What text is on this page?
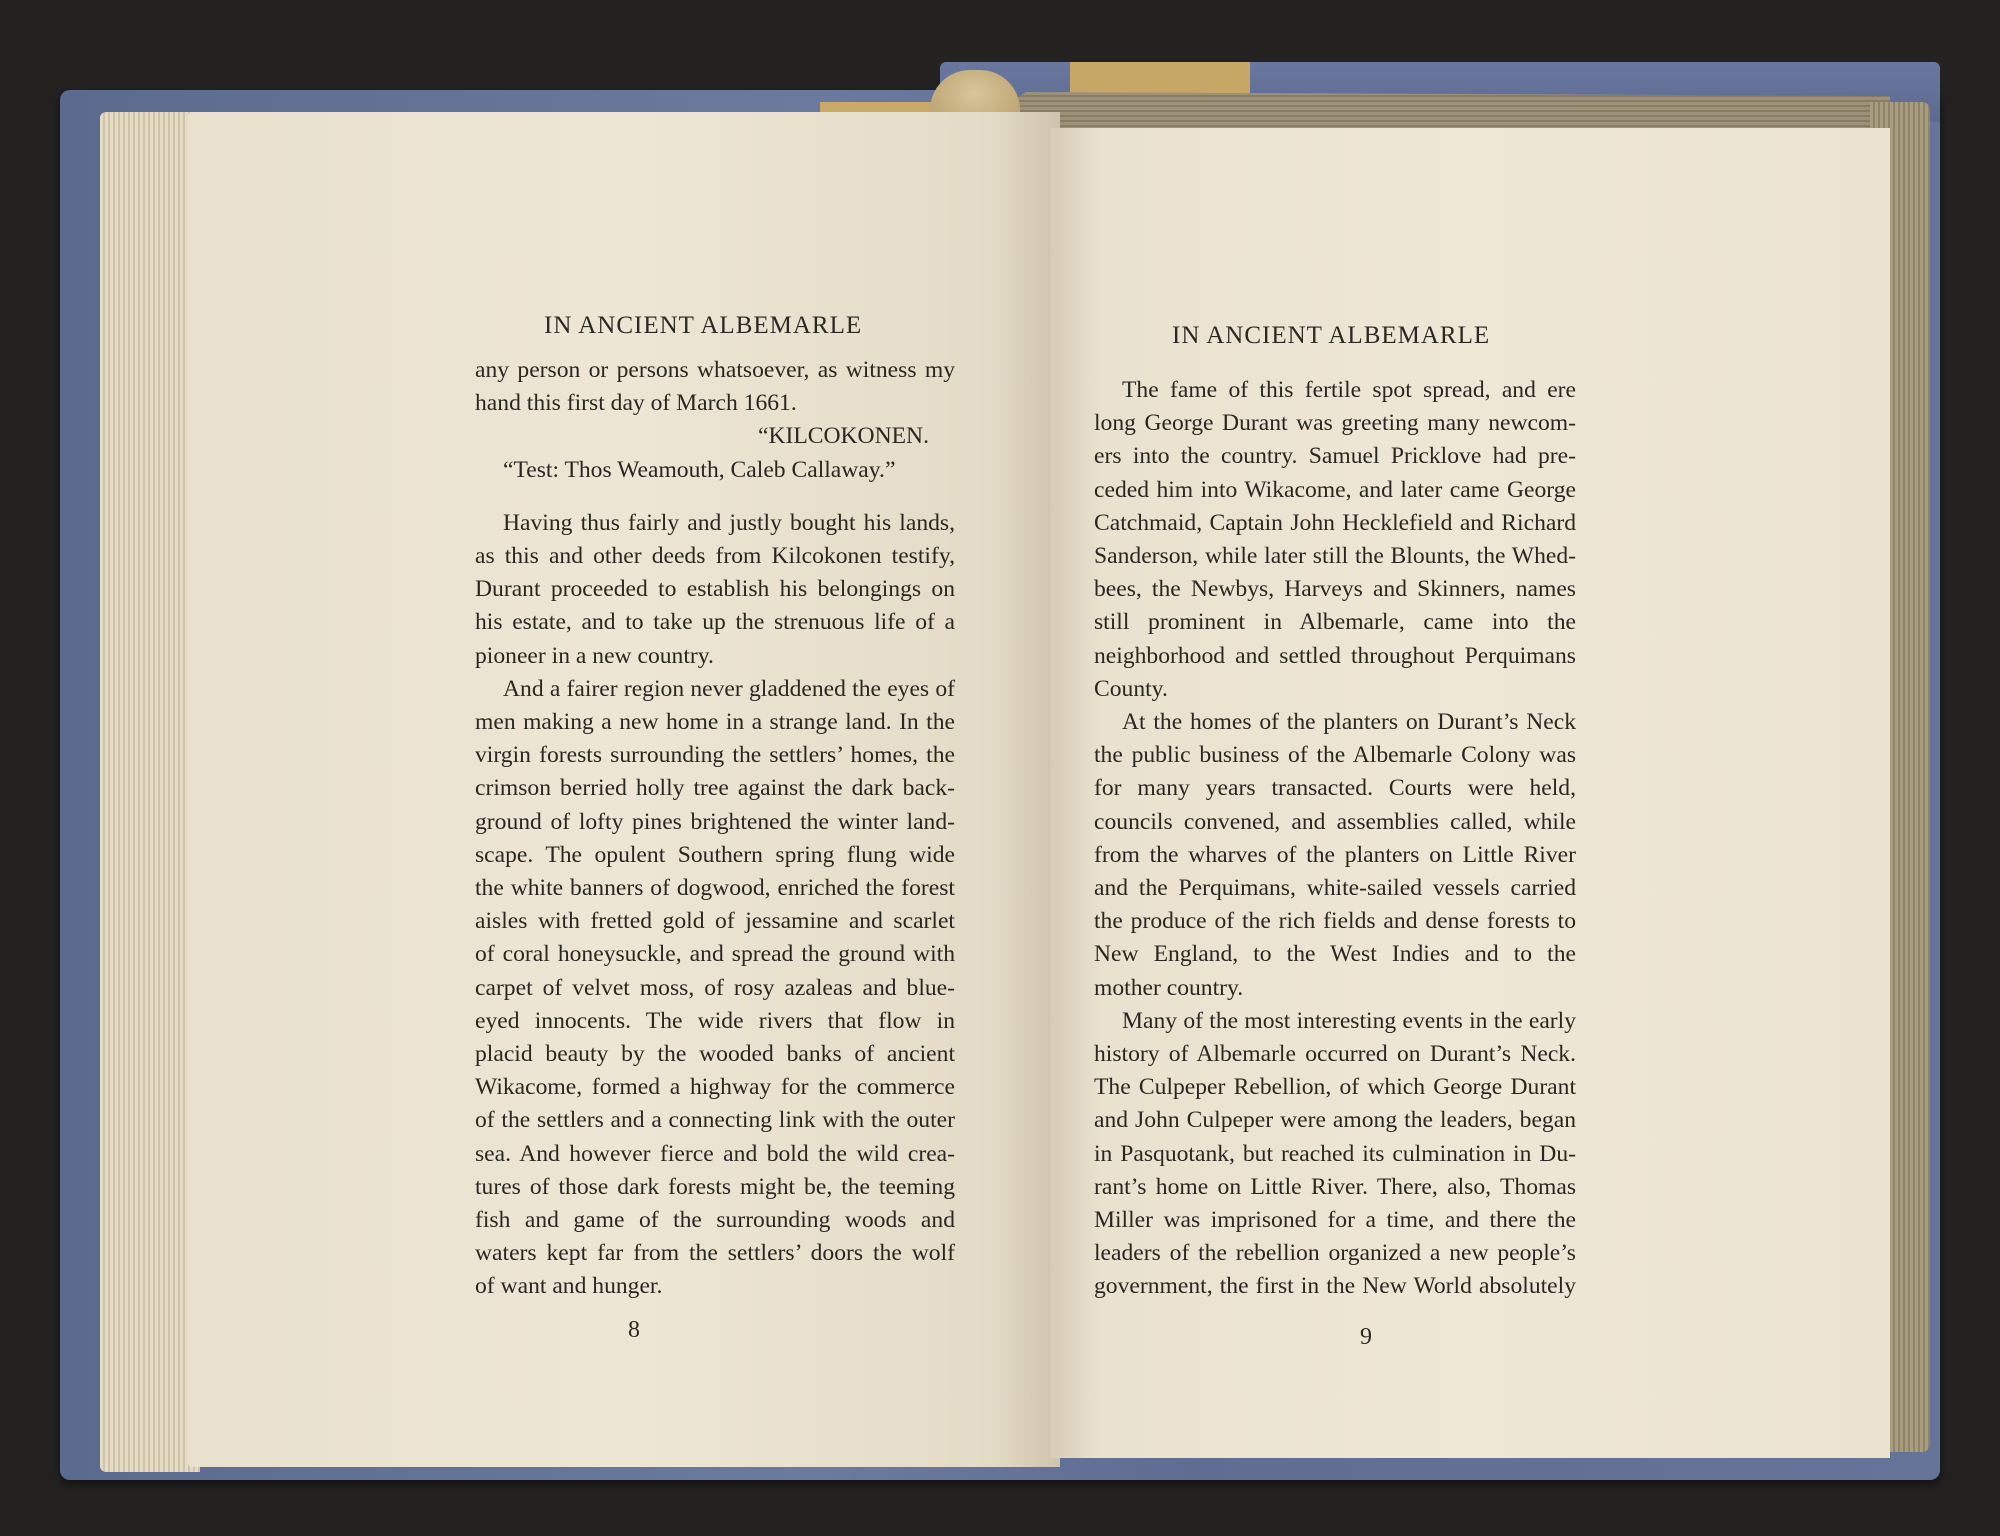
IN ANCIENT ALBEMARLE
any person or persons whatsoever, as witness my
hand this first day of March 1661.
“KILCOKONEN.
“Test: Thos Weamouth, Caleb Callaway.”
Having thus fairly and justly bought his lands,
as this and other deeds from Kilcokonen testify,
Durant proceeded to establish his belongings on
his estate, and to take up the strenuous life of a
pioneer in a new country.
And a fairer region never gladdened the eyes of
men making a new home in a strange land. In the
virgin forests surrounding the settlers’ homes, the
crimson berried holly tree against the dark back-
ground of lofty pines brightened the winter land-
scape. The opulent Southern spring flung wide
the white banners of dogwood, enriched the forest
aisles with fretted gold of jessamine and scarlet
of coral honeysuckle, and spread the ground with
carpet of velvet moss, of rosy azaleas and blue-
eyed innocents. The wide rivers that flow in
placid beauty by the wooded banks of ancient
Wikacome, formed a highway for the commerce
of the settlers and a connecting link with the outer
sea. And however fierce and bold the wild crea-
tures of those dark forests might be, the teeming
fish and game of the surrounding woods and
waters kept far from the settlers’ doors the wolf
of want and hunger.
8
IN ANCIENT ALBEMARLE
The fame of this fertile spot spread, and ere
long George Durant was greeting many newcom-
ers into the country. Samuel Pricklove had pre-
ceded him into Wikacome, and later came George
Catchmaid, Captain John Hecklefield and Richard
Sanderson, while later still the Blounts, the Whed-
bees, the Newbys, Harveys and Skinners, names
still prominent in Albemarle, came into the
neighborhood and settled throughout Perquimans
County.
At the homes of the planters on Durant’s Neck
the public business of the Albemarle Colony was
for many years transacted. Courts were held,
councils convened, and assemblies called, while
from the wharves of the planters on Little River
and the Perquimans, white-sailed vessels carried
the produce of the rich fields and dense forests to
New England, to the West Indies and to the
mother country.
Many of the most interesting events in the early
history of Albemarle occurred on Durant’s Neck.
The Culpeper Rebellion, of which George Durant
and John Culpeper were among the leaders, began
in Pasquotank, but reached its culmination in Du-
rant’s home on Little River. There, also, Thomas
Miller was imprisoned for a time, and there the
leaders of the rebellion organized a new people’s
government, the first in the New World absolutely
9
